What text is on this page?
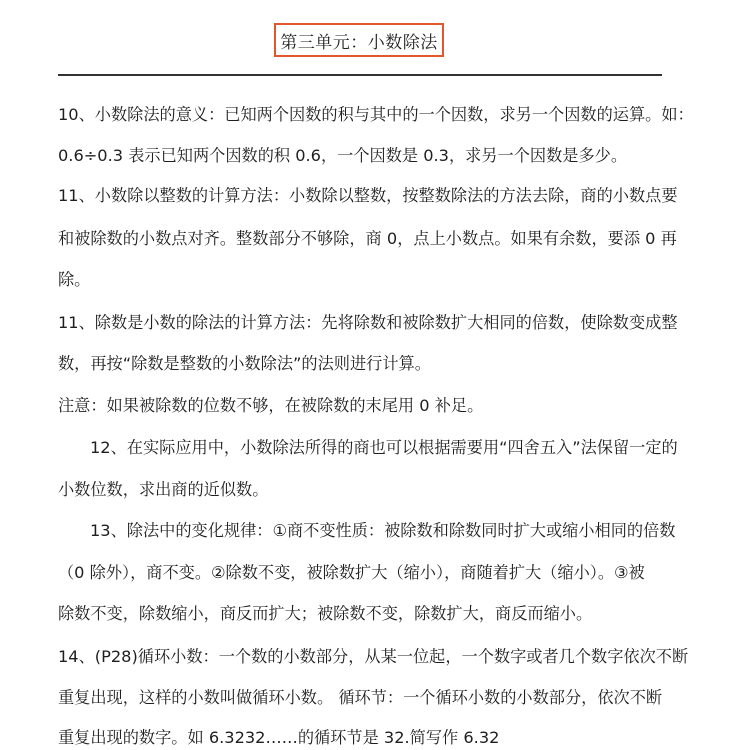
第三单元：小数除法
10、小数除法的意义：已知两个因数的积与其中的一个因数，求另一个因数的运算。如：
0.6÷0.3 表示已知两个因数的积 0.6，一个因数是 0.3，求另一个因数是多少。
11、小数除以整数的计算方法：小数除以整数，按整数除法的方法去除，商的小数点要
和被除数的小数点对齐。整数部分不够除，商 0，点上小数点。如果有余数，要添 0 再
除。
11、除数是小数的除法的计算方法：先将除数和被除数扩大相同的倍数，使除数变成整
数，再按“除数是整数的小数除法”的法则进行计算。
注意：如果被除数的位数不够，在被除数的末尾用 0 补足。
12、在实际应用中，小数除法所得的商也可以根据需要用“四舍五入”法保留一定的
小数位数，求出商的近似数。
13、除法中的变化规律：①商不变性质：被除数和除数同时扩大或缩小相同的倍数
（0 除外），商不变。②除数不变，被除数扩大（缩小），商随着扩大（缩小）。③被
除数不变，除数缩小，商反而扩大；被除数不变，除数扩大，商反而缩小。
14、(P28)循环小数：一个数的小数部分，从某一位起，一个数字或者几个数字依次不断
重复出现，这样的小数叫做循环小数。 循环节：一个循环小数的小数部分，依次不断
重复出现的数字。如 6.3232……的循环节是 32.简写作 6.32
